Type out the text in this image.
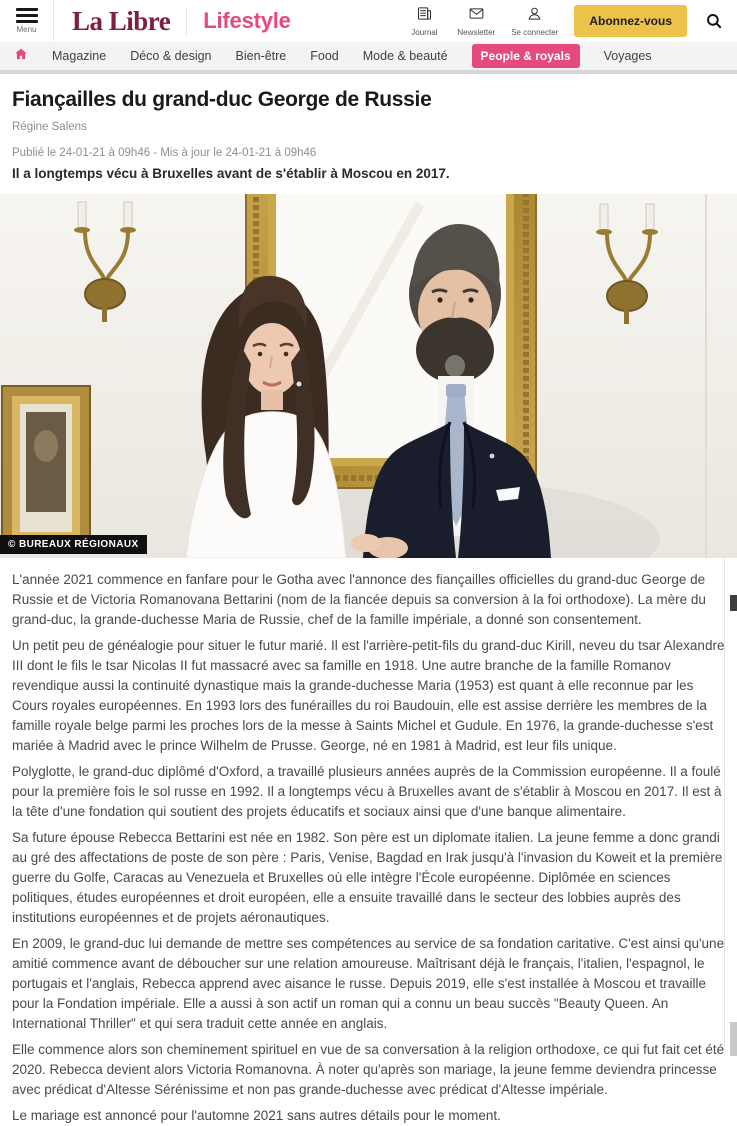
Menu	La Libre	Lifestyle	Journal Newsletter Se connecter
Abonnez-vous
Magazine Déco & design Bien-être Food Mode & beauté	People & royals	Voyages
Fiançailles du grand-duc George de Russie
Régine Salens
Publié le 24-01-21 à 09h46 - Mis à jour le 24-01-21 à 09h46
Il a longtemps vécu à Bruxelles avant de s'établir à Moscou en 2017.
© BUREAUX RÉGIONAUX

L'année 2021 commence en fanfare pour le Gotha avec l'annonce des fiançailles officielles du grand-duc George de Russie et de Victoria Romanovana Bettarini (nom de la fiancée depuis sa conversion à la foi orthodoxe). La mère du grand-duc, la grande-duchesse Maria de Russie, chef de la famille impériale, a donné son consentement.

Un petit peu de généalogie pour situer le futur marié. Il est l'arrière-petit-fils du grand-duc Kirill, neveu du tsar Alexandre III dont le fils le tsar Nicolas II fut massacré avec sa famille en 1918. Une autre branche de la famille Romanov revendique aussi la continuité dynastique mais la grande-duchesse Maria (1953) est quant à elle reconnue par les Cours royales européennes. En 1993 lors des funérailles du roi Baudouin, elle est assise derrière les membres de la famille royale belge parmi les proches lors de la messe à Saints Michel et Gudule. En 1976, la grande-duchesse s'est mariée à Madrid avec le prince Wilhelm de Prusse. George, né en 1981 à Madrid, est leur fils unique.

Polyglotte, le grand-duc diplômé d'Oxford, a travaillé plusieurs années auprès de la Commission européenne. Il a foulé pour la première fois le sol russe en 1992. Il a longtemps vécu à Bruxelles avant de s'établir à Moscou en 2017. Il est à la tête d'une fondation qui soutient des projets éducatifs et sociaux ainsi que d'une banque alimentaire.

Sa future épouse Rebecca Bettarini est née en 1982. Son père est un diplomate italien. La jeune femme a donc grandi au gré des affectations de poste de son père : Paris, Venise, Bagdad en Irak jusqu'à l'invasion du Koweit et la première guerre du Golfe, Caracas au Venezuela et Bruxelles où elle intègre l'École européenne. Diplômée en sciences politiques, études européennes et droit européen, elle a ensuite travaillé dans le secteur des lobbies auprès des institutions européennes et de projets aéronautiques.

En 2009, le grand-duc lui demande de mettre ses compétences au service de sa fondation caritative. C'est ainsi qu'une amitié commence avant de déboucher sur une relation amoureuse. Maîtrisant déjà le français, l'italien, l'espagnol, le portugais et l'anglais, Rebecca apprend avec aisance le russe. Depuis 2019, elle s'est installée à Moscou et travaille pour la Fondation impériale. Elle a aussi à son actif un roman qui a connu un beau succès "Beauty Queen. An International Thriller" et qui sera traduit cette année en anglais.

Elle commence alors son cheminement spirituel en vue de sa conversation à la religion orthodoxe, ce qui fut fait cet été 2020. Rebecca devient alors Victoria Romanovna. À noter qu'après son mariage, la jeune femme deviendra princesse avec prédicat d'Altesse Sérénissime et non pas grande-duchesse avec prédicat d'Altesse impériale.

Le mariage est annoncé pour l'automne 2021 sans autres détails pour le moment.
